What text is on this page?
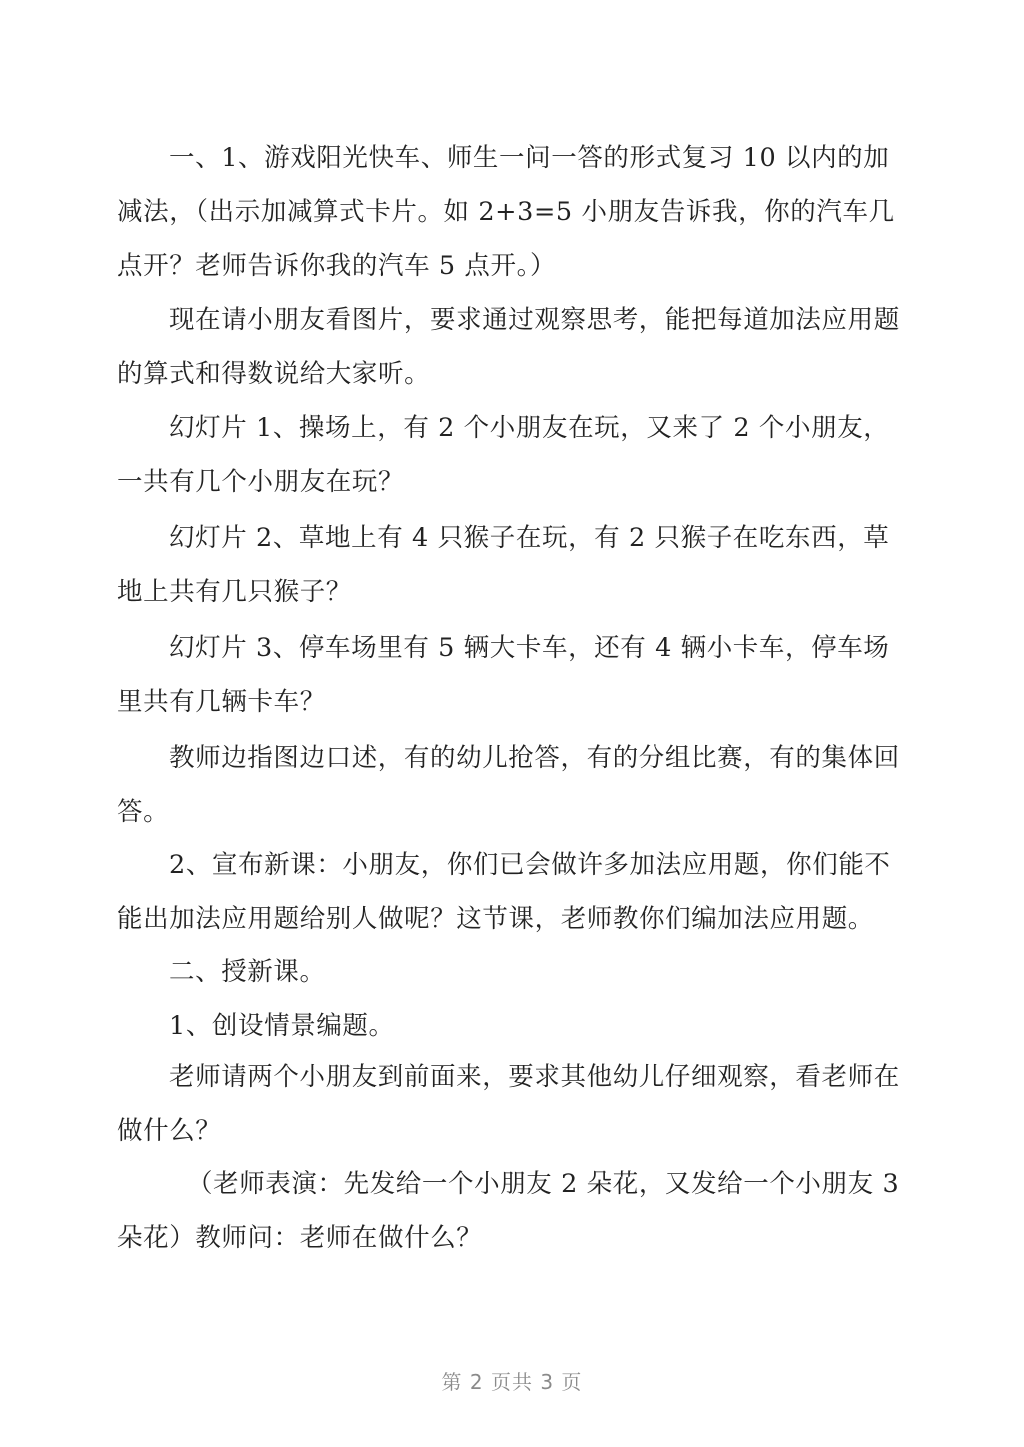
一、1、游戏阳光快车、师生一问一答的形式复习 10 以内的加减法，（出示加减算式卡片。如 2+3=5 小朋友告诉我，你的汽车几点开？老师告诉你我的汽车 5 点开。）

现在请小朋友看图片，要求通过观察思考，能把每道加法应用题的算式和得数说给大家听。

幻灯片 1、操场上，有 2 个小朋友在玩，又来了 2 个小朋友，一共有几个小朋友在玩？

幻灯片 2、草地上有 4 只猴子在玩，有 2 只猴子在吃东西，草地上共有几只猴子？

幻灯片 3、停车场里有 5 辆大卡车，还有 4 辆小卡车，停车场里共有几辆卡车？

教师边指图边口述，有的幼儿抢答，有的分组比赛，有的集体回答。

2、宣布新课：小朋友，你们已会做许多加法应用题，你们能不能出加法应用题给别人做呢？这节课，老师教你们编加法应用题。

二、授新课。

1、创设情景编题。

老师请两个小朋友到前面来，要求其他幼儿仔细观察，看老师在做什么？

（老师表演：先发给一个小朋友 2 朵花，又发给一个小朋友 3 朵花）教师问：老师在做什么？

第 2 页共 3 页
